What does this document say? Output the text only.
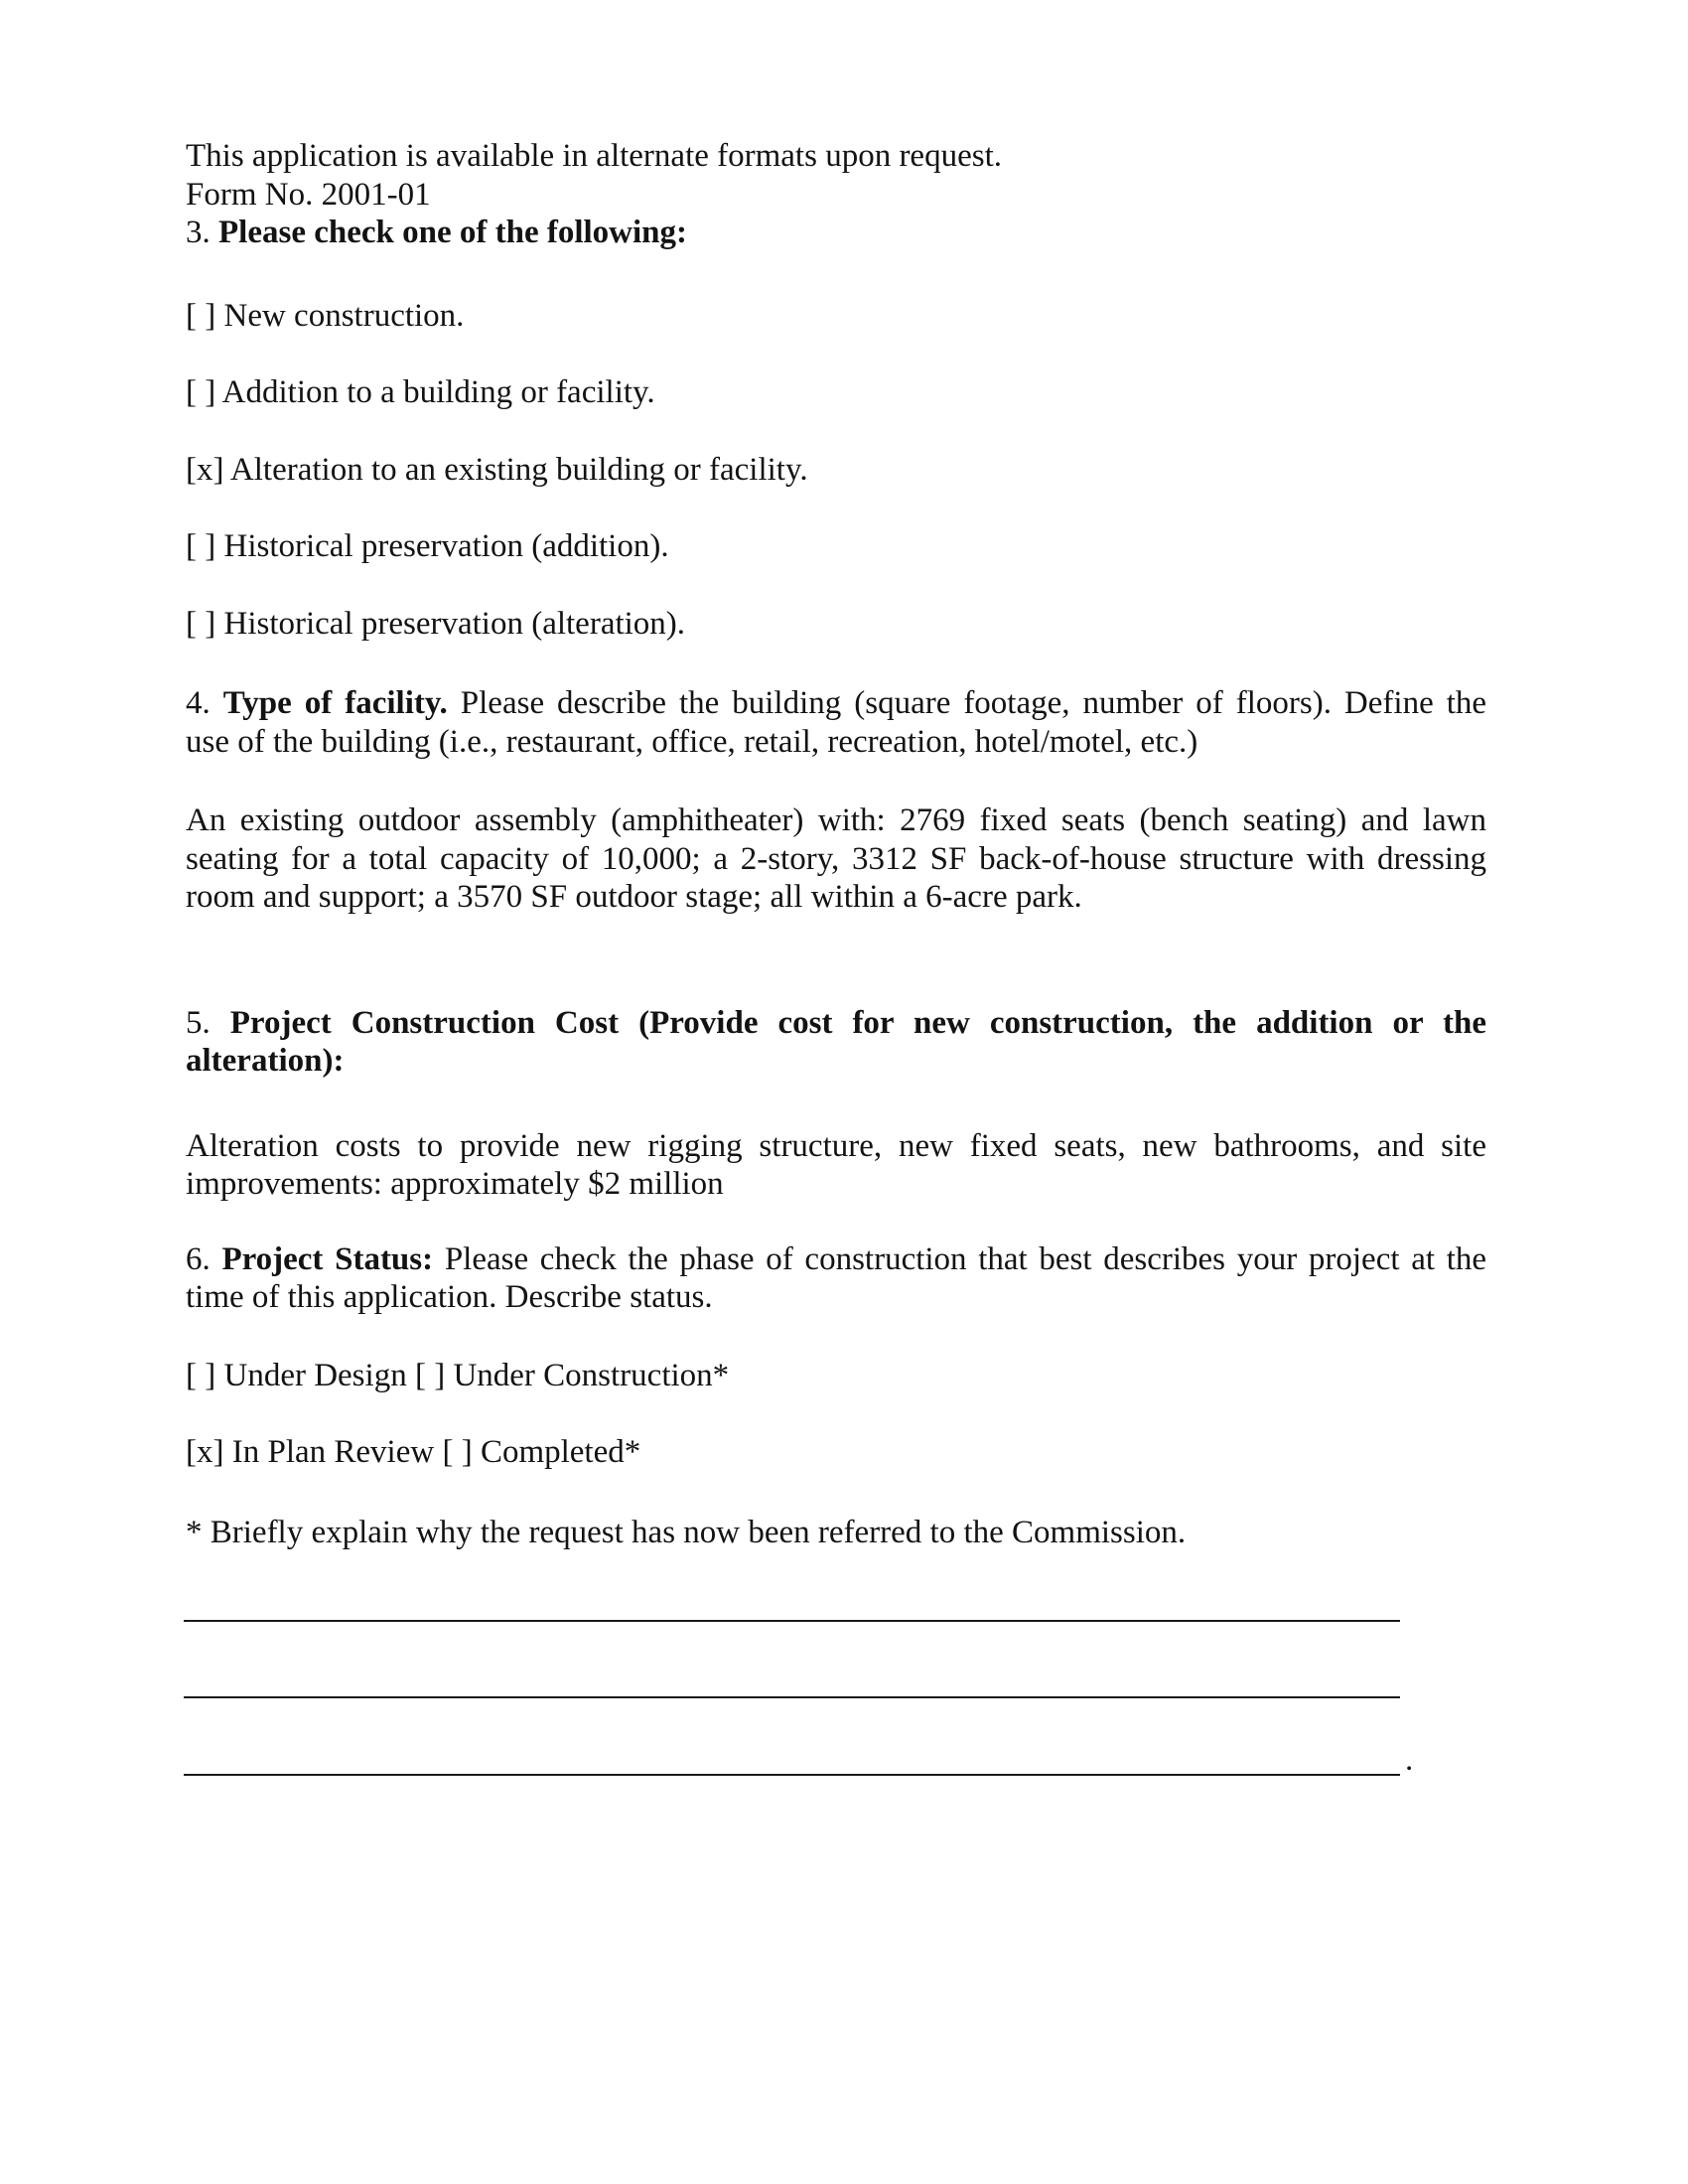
This application is available in alternate formats upon request.
Form No. 2001-01
3. Please check one of the following:
[ ] New construction.
[ ] Addition to a building or facility.
[x] Alteration to an existing building or facility.
[ ] Historical preservation (addition).
[ ] Historical preservation (alteration).
4. Type of facility. Please describe the building (square footage, number of floors). Define the
use of the building (i.e., restaurant, office, retail, recreation, hotel/motel, etc.)
An existing outdoor assembly (amphitheater) with: 2769 fixed seats (bench seating) and lawn
seating for a total capacity of 10,000; a 2-story, 3312 SF back-of-house structure with dressing
room and support; a 3570 SF outdoor stage; all within a 6-acre park.
5. Project Construction Cost (Provide cost for new construction, the addition or the
alteration):
Alteration costs to provide new rigging structure, new fixed seats, new bathrooms, and site
improvements: approximately $2 million
6. Project Status: Please check the phase of construction that best describes your project at the
time of this application. Describe status.
[ ] Under Design [ ] Under Construction*
[x] In Plan Review [ ] Completed*
* Briefly explain why the request has now been referred to the Commission.
.
